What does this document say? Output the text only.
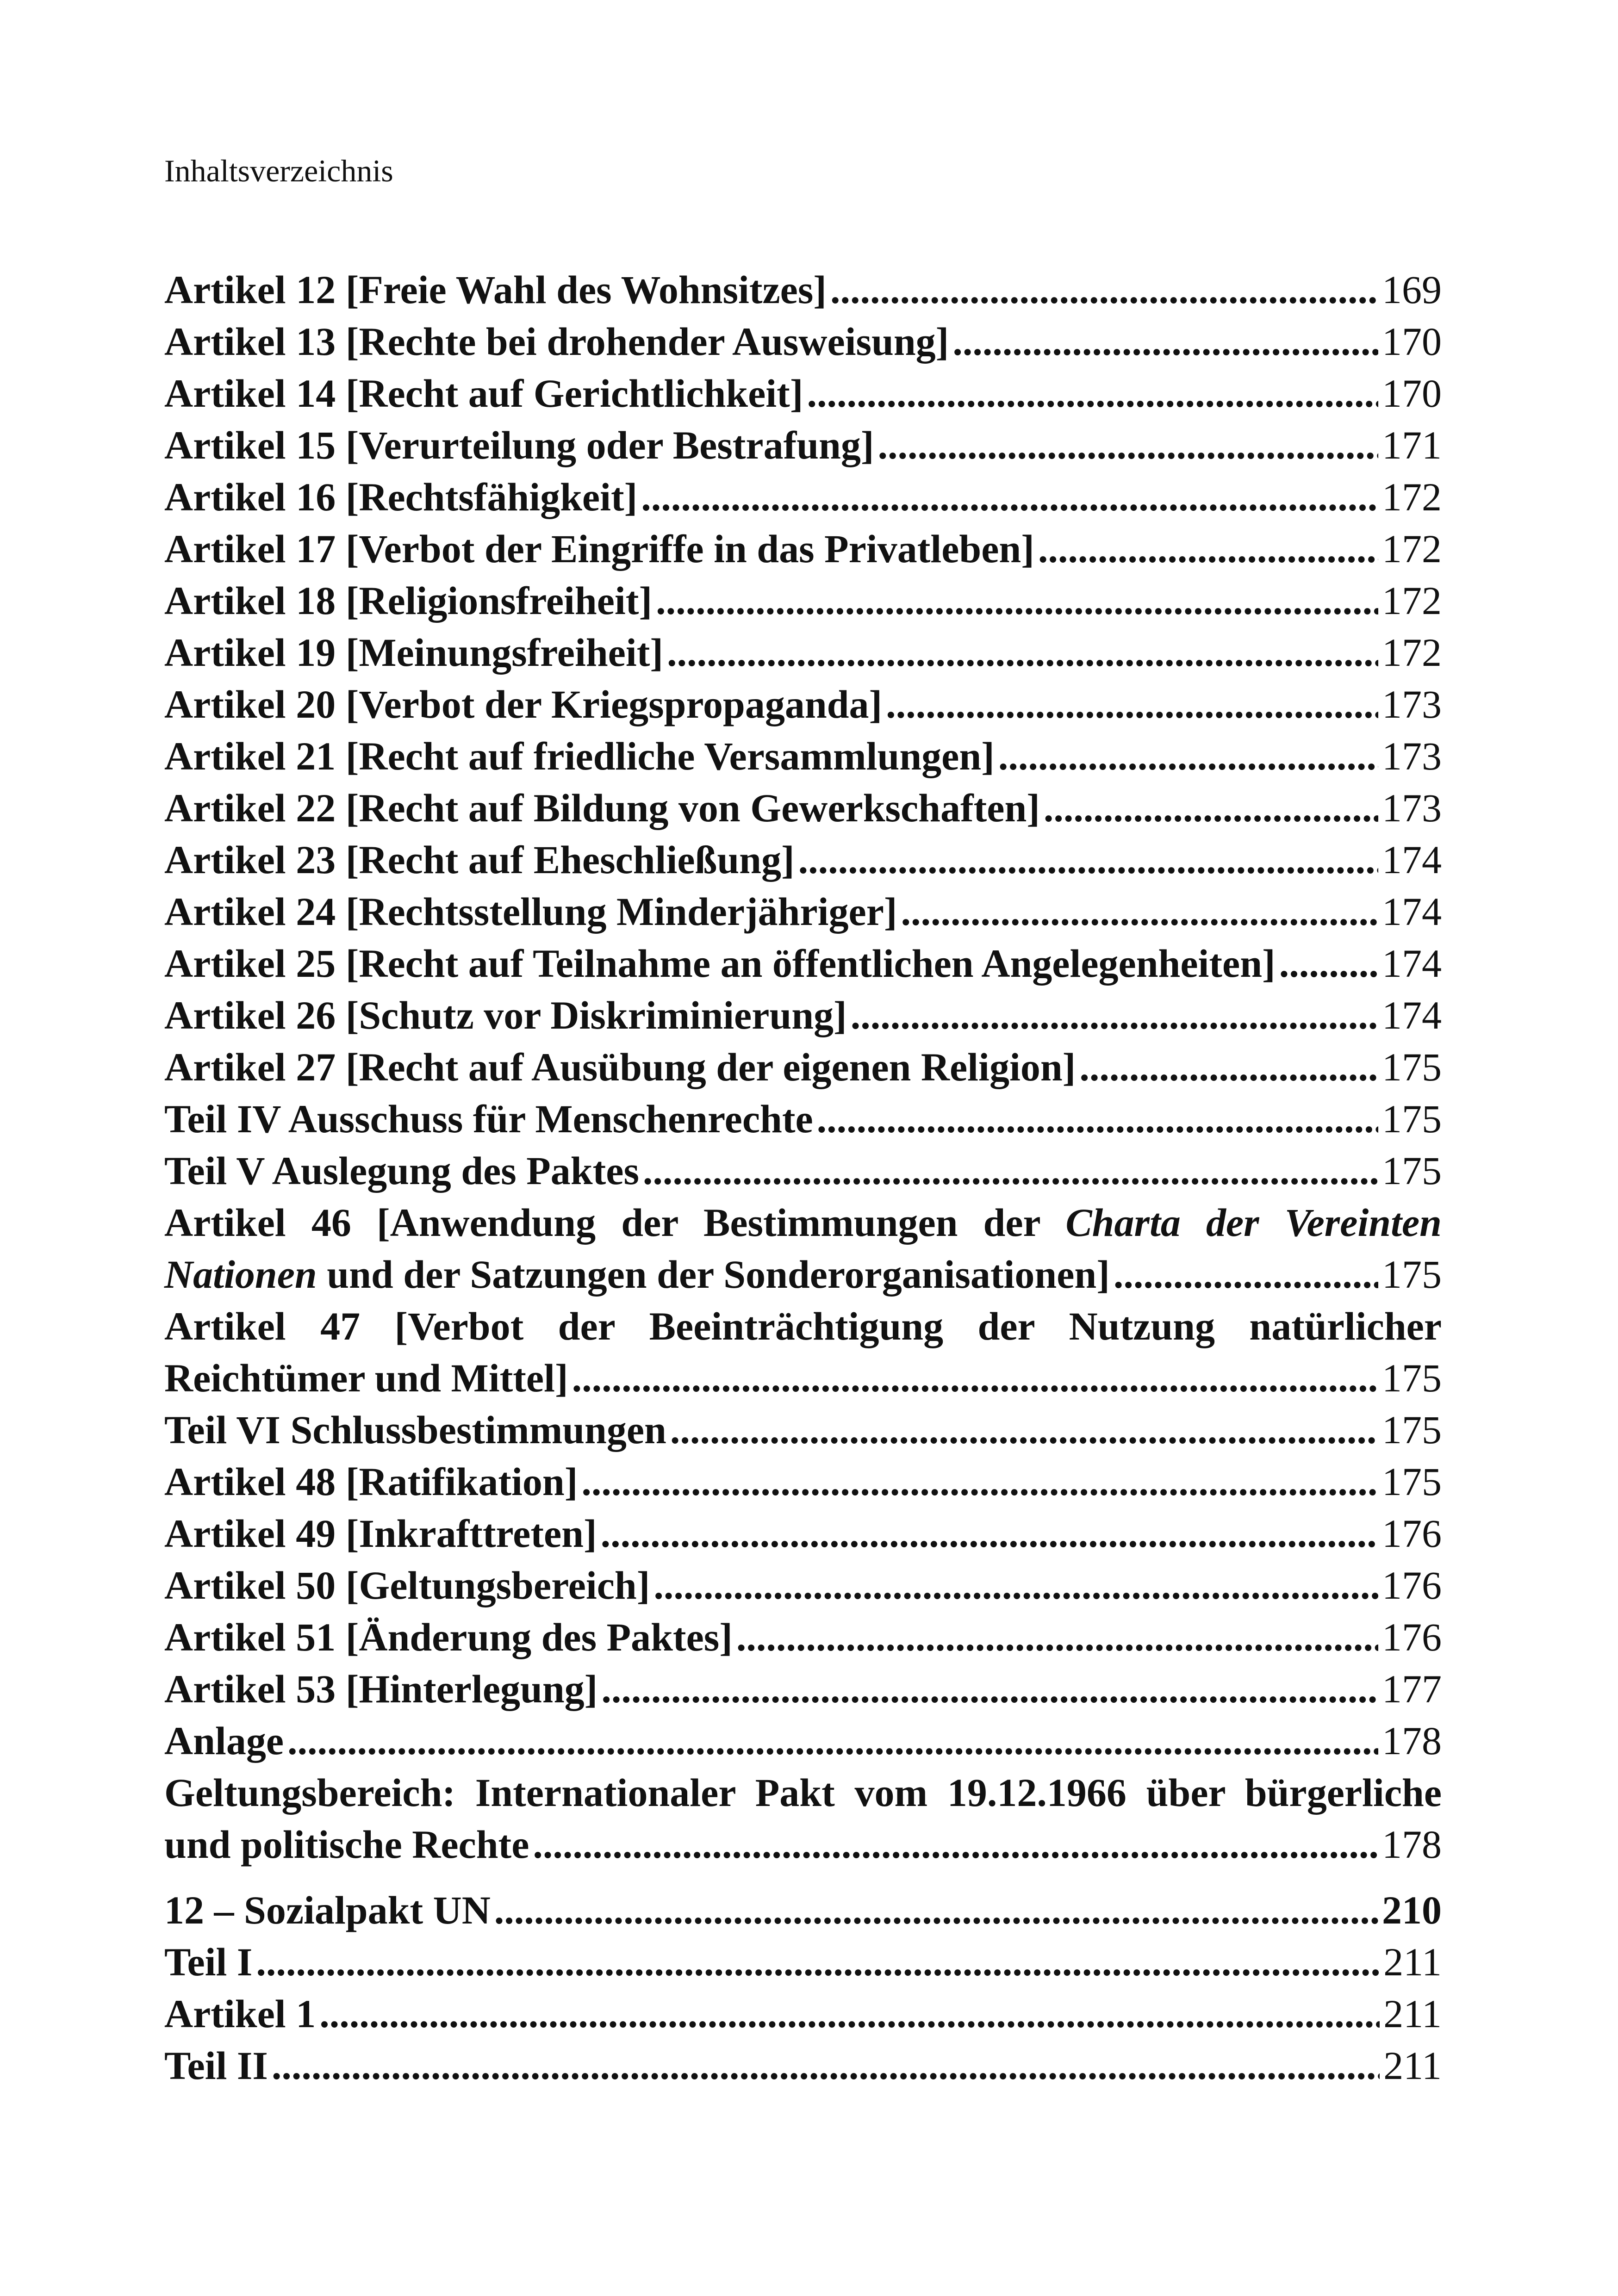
Inhaltsverzeichnis
Artikel 12 [Freie Wahl des Wohnsitzes] .....	169
Artikel 13 [Rechte bei drohender Ausweisung] .....	170
Artikel 14 [Recht auf Gerichtlichkeit] .....	170
Artikel 15 [Verurteilung oder Bestrafung] .....	171
Artikel 16 [Rechtsfähigkeit] .....	172
Artikel 17 [Verbot der Eingriffe in das Privatleben] .....	172
Artikel 18 [Religionsfreiheit] .....	172
Artikel 19 [Meinungsfreiheit] .....	172
Artikel 20 [Verbot der Kriegspropaganda] .....	173
Artikel 21 [Recht auf friedliche Versammlungen] .....	173
Artikel 22 [Recht auf Bildung von Gewerkschaften] .....	173
Artikel 23 [Recht auf Eheschließung] .....	174
Artikel 24 [Rechtsstellung Minderjähriger] .....	174
Artikel 25 [Recht auf Teilnahme an öffentlichen Angelegenheiten] .....	174
Artikel 26 [Schutz vor Diskriminierung] .....	174
Artikel 27 [Recht auf Ausübung der eigenen Religion] .....	175
Teil IV Ausschuss für Menschenrechte .....	175
Teil V Auslegung des Paktes .....	175
Artikel 46 [Anwendung der Bestimmungen der Charta der Vereinten
Nationen und der Satzungen der Sonderorganisationen] .....	175
Artikel 47 [Verbot der Beeinträchtigung der Nutzung natürlicher
Reichtümer und Mittel] .....	175
Teil VI Schlussbestimmungen .....	175
Artikel 48 [Ratifikation] .....	175
Artikel 49 [Inkrafttreten] .....	176
Artikel 50 [Geltungsbereich] .....	176
Artikel 51 [Änderung des Paktes] .....	176
Artikel 53 [Hinterlegung] .....	177
Anlage .....	178
Geltungsbereich: Internationaler Pakt vom 19.12.1966 über bürgerliche
und politische Rechte .....	178
12 – Sozialpakt UN .....	210
Teil I .....	211
Artikel 1 .....	211
Teil II .....	211
